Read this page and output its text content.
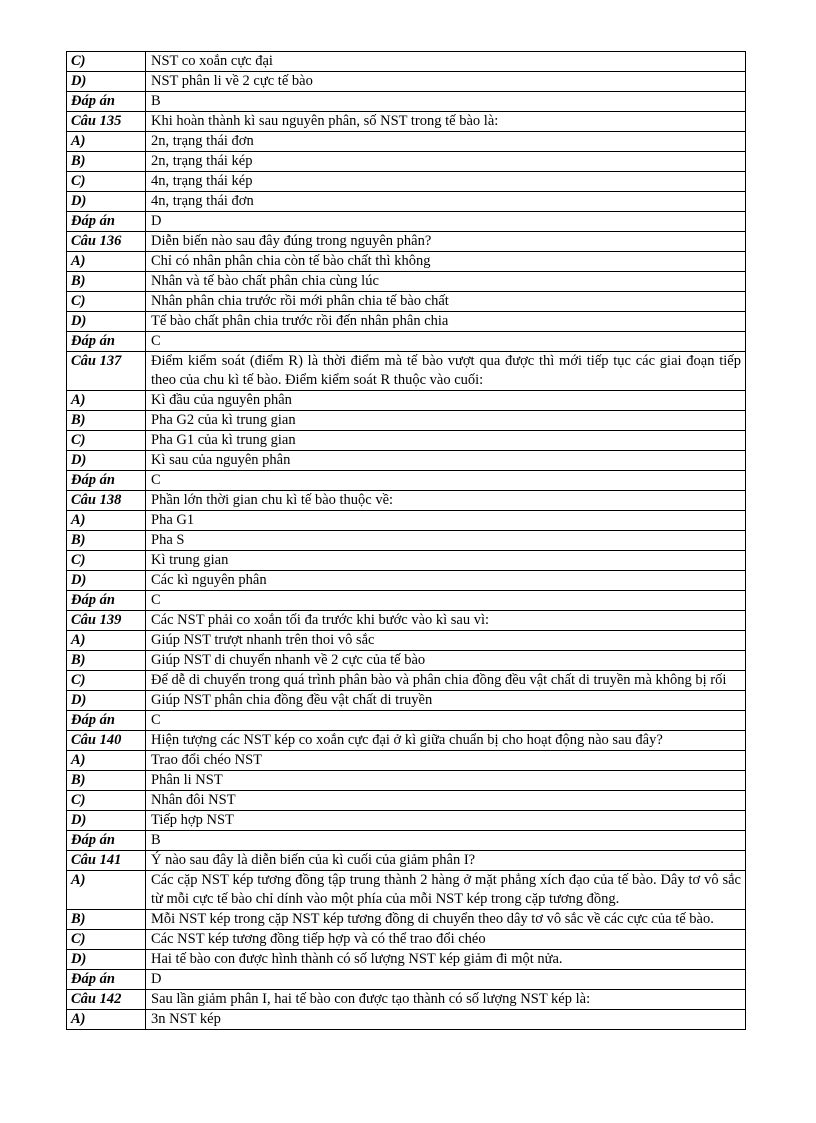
C)	NST co xoắn cực đại
D)	NST phân li về 2 cực tế bào
Đáp án	B
Câu 135	Khi hoàn thành kì sau nguyên phân, số NST trong tế bào là:
A)	2n, trạng thái đơn
B)	2n, trạng thái kép
C)	4n, trạng thái kép
D)	4n, trạng thái đơn
Đáp án	D
Câu 136	Diễn biến nào sau đây đúng trong nguyên phân?
A)	Chỉ có nhân phân chia còn tế bào chất thì không
B)	Nhân và tế bào chất phân chia cùng lúc
C)	Nhân phân chia trước rồi mới phân chia tế bào chất
D)	Tế bào chất phân chia trước rồi đến nhân phân chia
Đáp án	C
Câu 137	Điểm kiểm soát (điểm R) là thời điểm mà tế bào vượt qua được thì mới tiếp tục các giai đoạn tiếp theo của chu kì tế bào. Điểm kiểm soát R thuộc vào cuối:
A)	Kì đầu của nguyên phân
B)	Pha G2 của kì trung gian
C)	Pha G1 của kì trung gian
D)	Kì sau của nguyên phân
Đáp án	C
Câu 138	Phần lớn thời gian chu kì tế bào thuộc về:
A)	Pha G1
B)	Pha S
C)	Kì trung gian
D)	Các kì nguyên phân
Đáp án	C
Câu 139	Các NST phải co xoắn tối đa trước khi bước vào kì sau vì:
A)	Giúp NST trượt nhanh trên thoi vô sắc
B)	Giúp NST di chuyển nhanh về 2 cực của tế bào
C)	Để dễ di chuyển trong quá trình phân bào và phân chia đồng đều vật chất di truyền mà không bị rối
D)	Giúp NST phân chia đồng đều vật chất di truyền
Đáp án	C
Câu 140	Hiện tượng các NST kép co xoắn cực đại ở kì giữa chuẩn bị cho hoạt động nào sau đây?
A)	Trao đổi chéo NST
B)	Phân li NST
C)	Nhân đôi NST
D)	Tiếp hợp NST
Đáp án	B
Câu 141	Ý nào sau đây là diễn biến của kì cuối của giảm phân I?
A)	Các cặp NST kép tương đồng tập trung thành 2 hàng ở mặt phẳng xích đạo của tế bào. Dây tơ vô sắc từ mỗi cực tế bào chỉ dính vào một phía của mỗi NST kép trong cặp tương đồng.
B)	Mỗi NST kép trong cặp NST kép tương đồng di chuyển theo dây tơ vô sắc về các cực của tế bào.
C)	Các NST kép tương đồng tiếp hợp và có thể trao đổi chéo
D)	Hai tế bào con được hình thành có số lượng NST kép giảm đi một nửa.
Đáp án	D
Câu 142	Sau lần giảm phân I, hai tế bào con được tạo thành có số lượng NST kép là:
A)	3n NST kép
